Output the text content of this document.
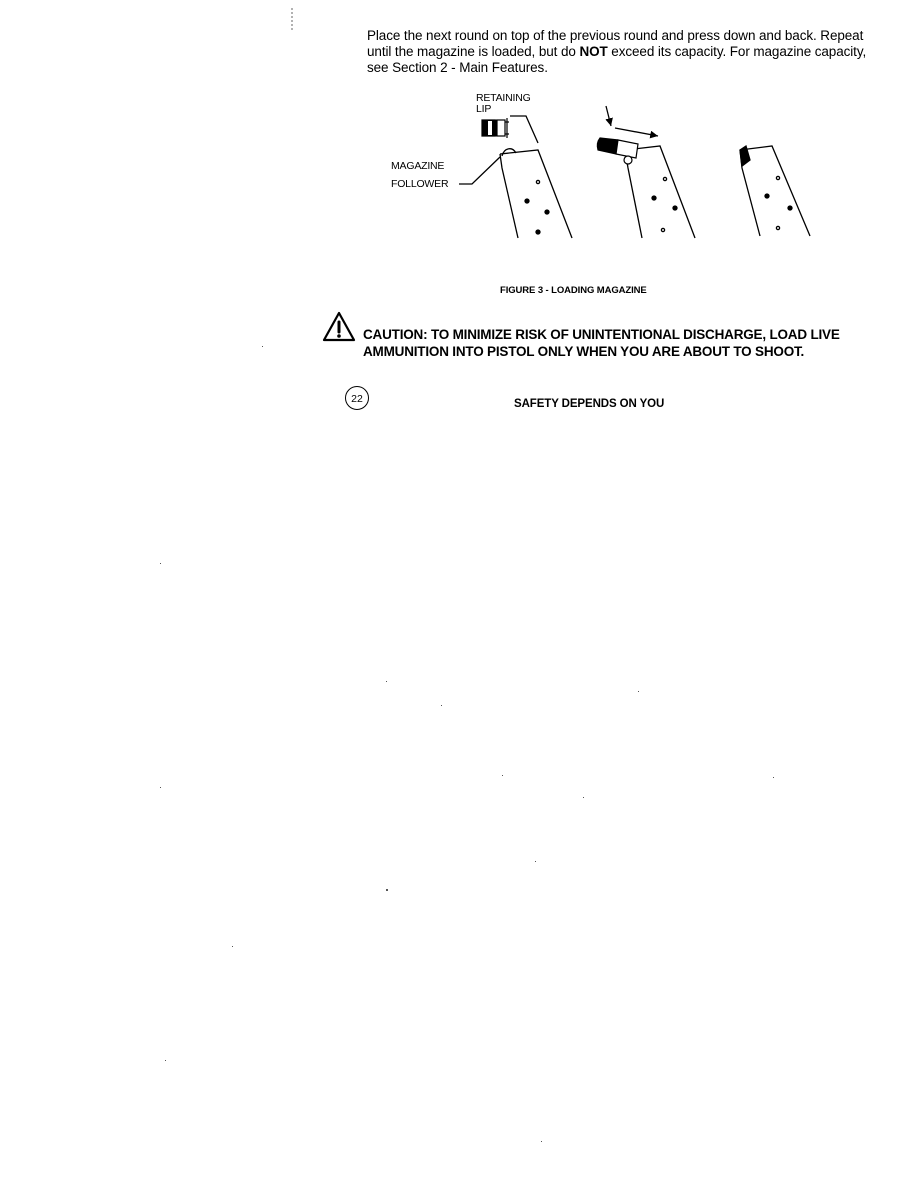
Place the next round on top of the previous round and press down and back. Repeat until the magazine is loaded, but do NOT exceed its capacity. For magazine capacity, see Section 2 - Main Features.
RETAINING
LIP
MAGAZINE
FOLLOWER
FIGURE 3 - LOADING MAGAZINE
CAUTION: TO MINIMIZE RISK OF UNINTENTIONAL DISCHARGE, LOAD LIVE
AMMUNITION INTO PISTOL ONLY WHEN YOU ARE ABOUT TO SHOOT.
22	SAFETY DEPENDS ON YOU
